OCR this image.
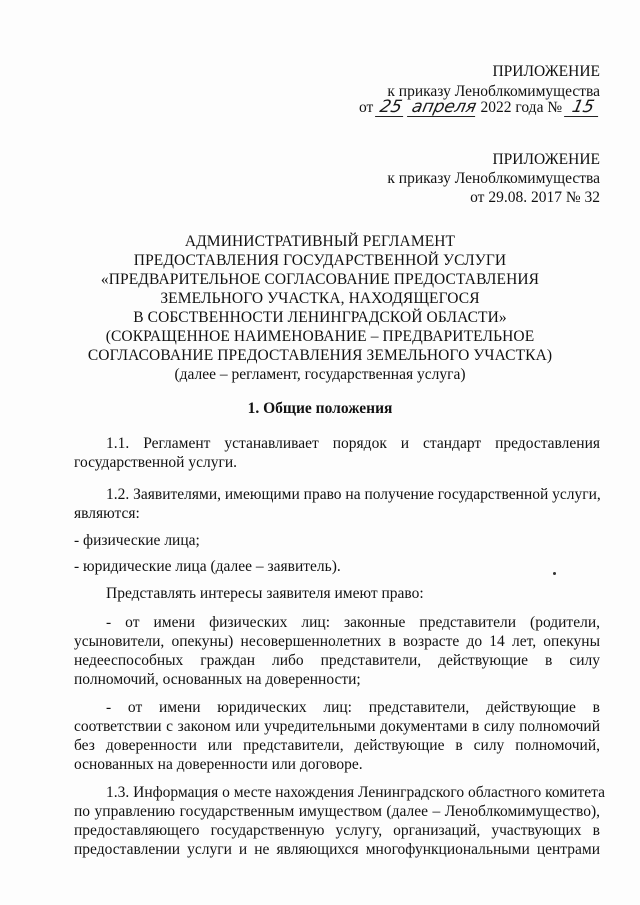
ПРИЛОЖЕНИЕ
к приказу Леноблкомимущества
от 25 апреля 2022 года № 15
ПРИЛОЖЕНИЕ
к приказу Леноблкомимущества
от 29.08. 2017 № 32
АДМИНИСТРАТИВНЫЙ РЕГЛАМЕНТ
ПРЕДОСТАВЛЕНИЯ ГОСУДАРСТВЕННОЙ УСЛУГИ
«ПРЕДВАРИТЕЛЬНОЕ СОГЛАСОВАНИЕ ПРЕДОСТАВЛЕНИЯ
ЗЕМЕЛЬНОГО УЧАСТКА, НАХОДЯЩЕГОСЯ
В СОБСТВЕННОСТИ ЛЕНИНГРАДСКОЙ ОБЛАСТИ»
(СОКРАЩЕННОЕ НАИМЕНОВАНИЕ – ПРЕДВАРИТЕЛЬНОЕ
СОГЛАСОВАНИЕ ПРЕДОСТАВЛЕНИЯ ЗЕМЕЛЬНОГО УЧАСТКА)
(далее – регламент, государственная услуга)
1. Общие положения
1.1. Регламент устанавливает порядок и стандарт предоставления
государственной услуги.
1.2. Заявителями, имеющими право на получение государственной услуги,
являются:
- физические лица;
- юридические лица (далее – заявитель).
Представлять интересы заявителя имеют право:
- от имени физических лиц: законные представители (родители,
усыновители, опекуны) несовершеннолетних в возрасте до 14 лет, опекуны
недееспособных граждан либо представители, действующие в силу
полномочий, основанных на доверенности;
- от имени юридических лиц: представители, действующие в
соответствии с законом или учредительными документами в силу полномочий
без доверенности или представители, действующие в силу полномочий,
основанных на доверенности или договоре.
1.3. Информация о месте нахождения Ленинградского областного комитета
по управлению государственным имуществом (далее – Леноблкомимущество),
предоставляющего государственную услугу, организаций, участвующих в
предоставлении услуги и не являющихся многофункциональными центрами
